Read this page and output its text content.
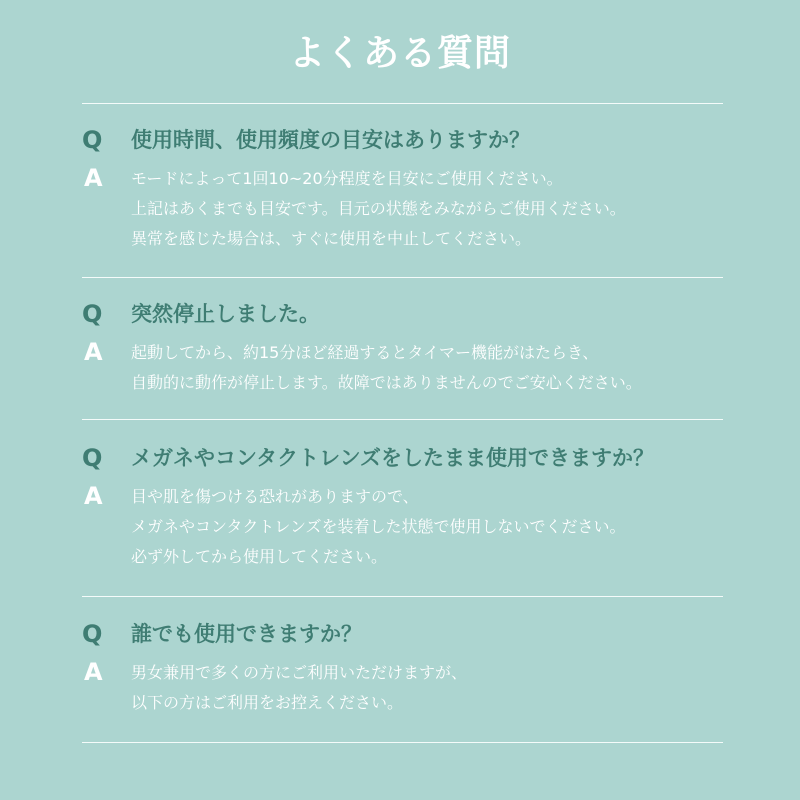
よくある質問
Q 使用時間、使用頻度の目安はありますか？
A モードによって1回10~20分程度を目安にご使用ください。
上記はあくまでも目安です。目元の状態をみながらご使用ください。
異常を感じた場合は、すぐに使用を中止してください。
Q 突然停止しました。
A 起動してから、約15分ほど経過するとタイマー機能がはたらき、
自動的に動作が停止します。故障ではありませんのでご安心ください。
Q メガネやコンタクトレンズをしたまま使用できますか？
A 目や肌を傷つける恐れがありますので、
メガネやコンタクトレンズを装着した状態で使用しないでください。
必ず外してから使用してください。
Q 誰でも使用できますか？
A 男女兼用で多くの方にご利用いただけますが、
以下の方はご利用をお控えください。
